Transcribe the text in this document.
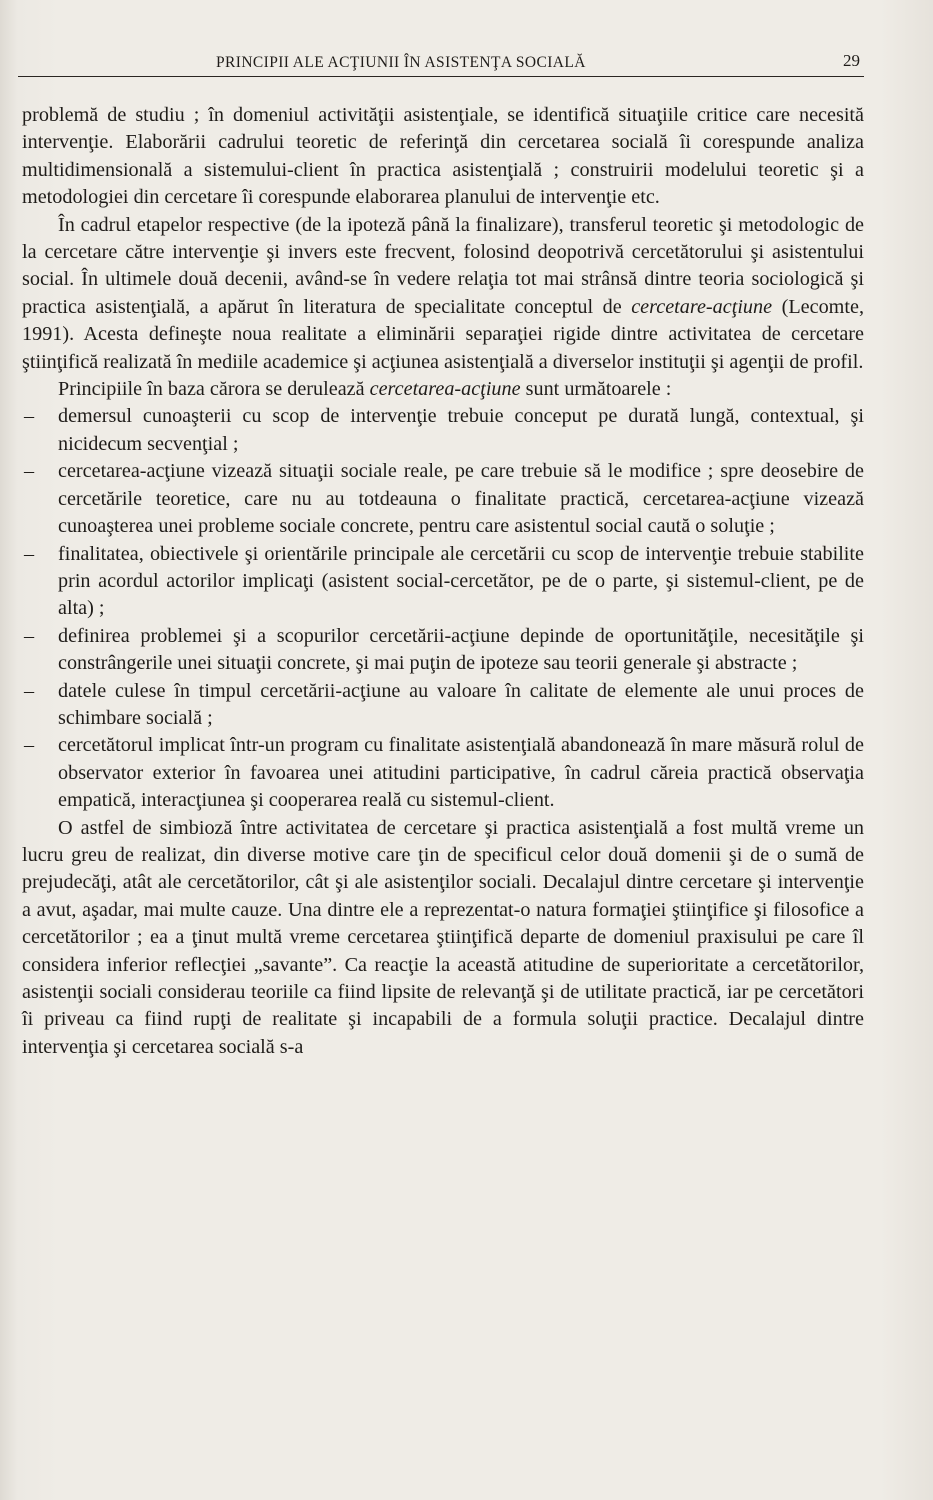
PRINCIPII ALE ACŢIUNII ÎN ASISTENŢA SOCIALĂ	29

problemă de studiu ; în domeniul activităţii asistenţiale, se identifică situaţiile critice care necesită intervenţie. Elaborării cadrului teoretic de referinţă din cercetarea socială îi corespunde analiza multidimensională a sistemului-client în practica asistenţială ; construirii modelului teoretic şi a metodologiei din cercetare îi corespunde elaborarea planului de intervenţie etc.

În cadrul etapelor respective (de la ipoteză până la finalizare), transferul teoretic şi metodologic de la cercetare către intervenţie şi invers este frecvent, folosind deopotrivă cercetătorului şi asistentului social. În ultimele două decenii, având-se în vedere relaţia tot mai strânsă dintre teoria sociologică şi practica asistenţială, a apărut în literatura de specialitate conceptul de cercetare-acţiune (Lecomte, 1991). Acesta defineşte noua realitate a eliminării separaţiei rigide dintre activitatea de cercetare ştiinţifică realizată în mediile academice şi acţiunea asistenţială a diverselor instituţii şi agenţii de profil.

Principiile în baza cărora se derulează cercetarea-acţiune sunt următoarele :

– demersul cunoaşterii cu scop de intervenţie trebuie conceput pe durată lungă, contextual, şi nicidecum secvenţial ;
– cercetarea-acţiune vizează situaţii sociale reale, pe care trebuie să le modifice ; spre deosebire de cercetările teoretice, care nu au totdeauna o finalitate practică, cercetarea-acţiune vizează cunoaşterea unei probleme sociale concrete, pentru care asistentul social caută o soluţie ;
– finalitatea, obiectivele şi orientările principale ale cercetării cu scop de intervenţie trebuie stabilite prin acordul actorilor implicaţi (asistent social-cercetător, pe de o parte, şi sistemul-client, pe de alta) ;
– definirea problemei şi a scopurilor cercetării-acţiune depinde de oportunităţile, necesităţile şi constrângerile unei situaţii concrete, şi mai puţin de ipoteze sau teorii generale şi abstracte ;
– datele culese în timpul cercetării-acţiune au valoare în calitate de elemente ale unui proces de schimbare socială ;
– cercetătorul implicat într-un program cu finalitate asistenţială abandonează în mare măsură rolul de observator exterior în favoarea unei atitudini participative, în cadrul căreia practică observaţia empatică, interacţiunea şi cooperarea reală cu sistemul-client.

O astfel de simbioză între activitatea de cercetare şi practica asistenţială a fost multă vreme un lucru greu de realizat, din diverse motive care ţin de specificul celor două domenii şi de o sumă de prejudecăţi, atât ale cercetătorilor, cât şi ale asistenţilor sociali. Decalajul dintre cercetare şi intervenţie a avut, aşadar, mai multe cauze. Una dintre ele a reprezentat-o natura formaţiei ştiinţifice şi filosofice a cercetătorilor ; ea a ţinut multă vreme cercetarea ştiinţifică departe de domeniul praxisului pe care îl considera inferior reflecţiei „savante”. Ca reacţie la această atitudine de superioritate a cercetătorilor, asistenţii sociali considerau teoriile ca fiind lipsite de relevanţă şi de utilitate practică, iar pe cercetători îi priveau ca fiind rupţi de realitate şi incapabili de a formula soluţii practice. Decalajul dintre intervenţia şi cercetarea socială s-a
